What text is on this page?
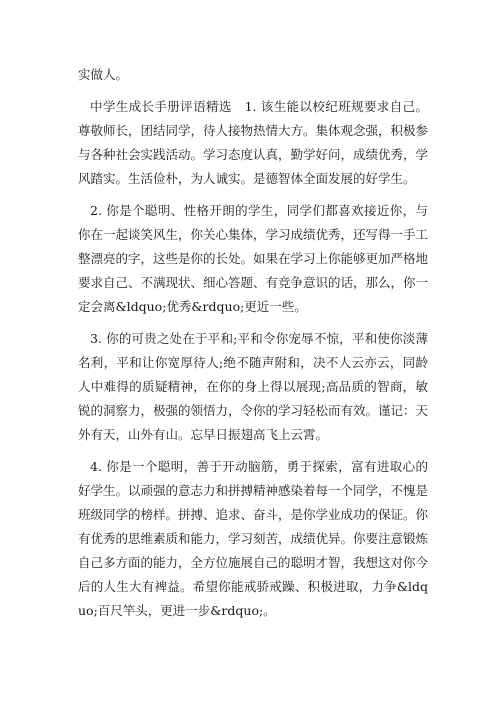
实做人。

中学生成长手册评语精选　1. 该生能以校纪班规要求自己。尊敬师长，团结同学，待人接物热情大方。集体观念强，积极参与各种社会实践活动。学习态度认真，勤学好问，成绩优秀，学风踏实。生活俭朴，为人诚实。是德智体全面发展的好学生。

2. 你是个聪明、性格开朗的学生，同学们都喜欢接近你，与你在一起谈笑风生，你关心集体，学习成绩优秀，还写得一手工整漂亮的字，这些是你的长处。如果在学习上你能够更加严格地要求自己、不满现状、细心答题、有竞争意识的话，那么，你一定会离&ldquo;优秀&rdquo;更近一些。

3. 你的可贵之处在于平和;平和令你宠辱不惊，平和使你淡薄名利，平和让你宽厚待人;绝不随声附和，决不人云亦云，同龄人中难得的质疑精神，在你的身上得以展现;高品质的智商，敏锐的洞察力，极强的领悟力，令你的学习轻松而有效。谨记：天外有天，山外有山。忘早日振翅高飞上云霄。

4. 你是一个聪明，善于开动脑筋，勇于探索，富有进取心的好学生。以顽强的意志力和拼搏精神感染着每一个同学，不愧是班级同学的榜样。拼搏、追求、奋斗，是你学业成功的保证。你有优秀的思维素质和能力，学习刻苦，成绩优异。你要注意锻炼自己多方面的能力，全方位施展自己的聪明才智，我想这对你今后的人生大有裨益。希望你能戒骄戒躁、积极进取，力争&ldquo;百尺竿头，更进一步&rdquo;。
